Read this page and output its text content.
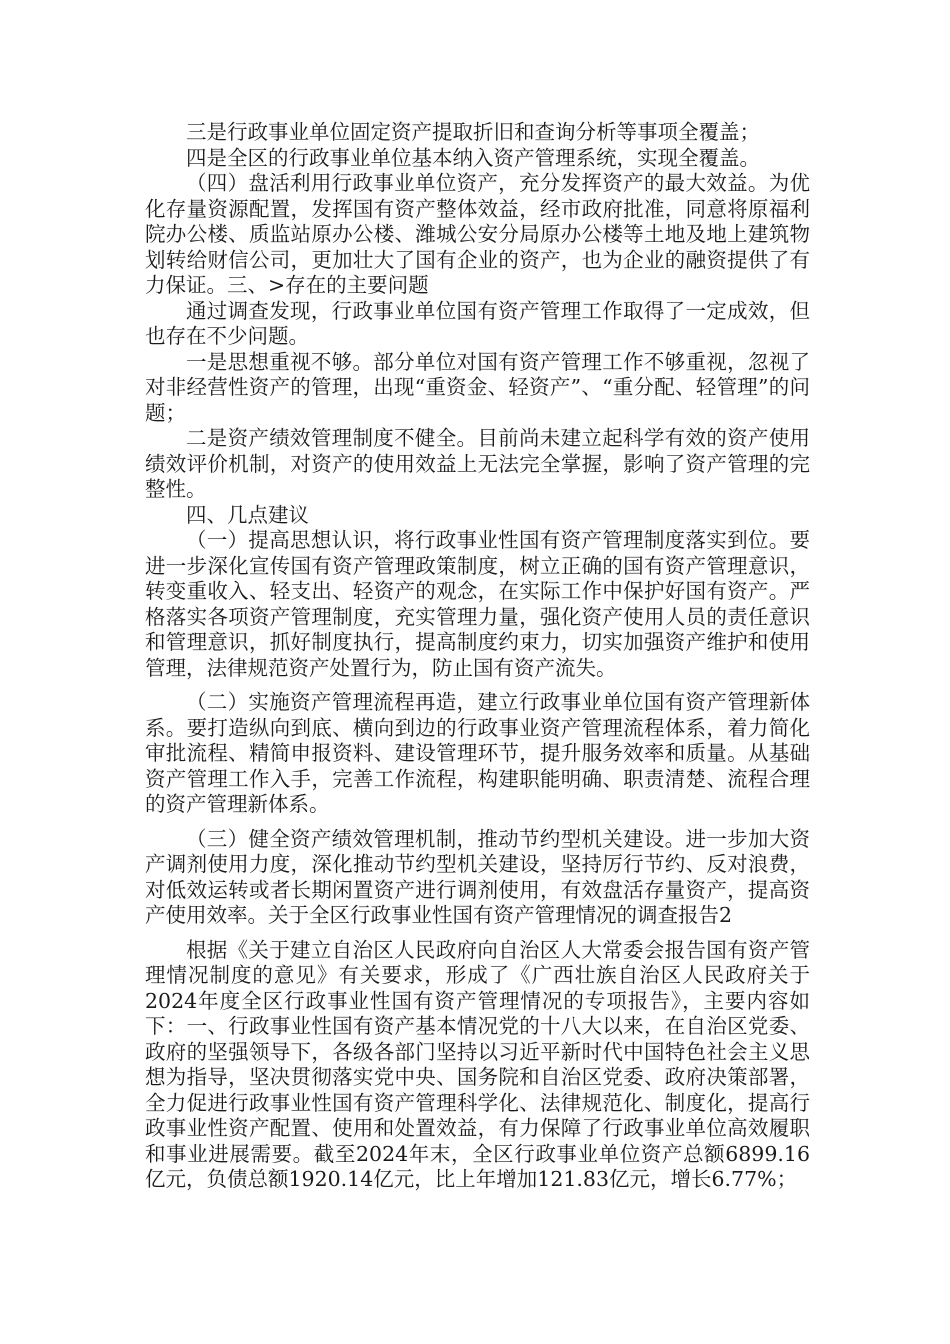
三是行政事业单位固定资产提取折旧和查询分析等事项全覆盖；

四是全区的行政事业单位基本纳入资产管理系统，实现全覆盖。

（四）盘活利用行政事业单位资产，充分发挥资产的最大效益。为优化存量资源配置，发挥国有资产整体效益，经市政府批准，同意将原福利院办公楼、质监站原办公楼、潍城公安分局原办公楼等土地及地上建筑物划转给财信公司，更加壮大了国有企业的资产，也为企业的融资提供了有力保证。三、>存在的主要问题

通过调查发现，行政事业单位国有资产管理工作取得了一定成效，但也存在不少问题。

一是思想重视不够。部分单位对国有资产管理工作不够重视，忽视了对非经营性资产的管理，出现“重资金、轻资产”、“重分配、轻管理”的问题；

二是资产绩效管理制度不健全。目前尚未建立起科学有效的资产使用绩效评价机制，对资产的使用效益上无法完全掌握，影响了资产管理的完整性。

四、几点建议

（一）提高思想认识，将行政事业性国有资产管理制度落实到位。要进一步深化宣传国有资产管理政策制度，树立正确的国有资产管理意识，转变重收入、轻支出、轻资产的观念，在实际工作中保护好国有资产。严格落实各项资产管理制度，充实管理力量，强化资产使用人员的责任意识和管理意识，抓好制度执行，提高制度约束力，切实加强资产维护和使用管理，法律规范资产处置行为，防止国有资产流失。

（二）实施资产管理流程再造，建立行政事业单位国有资产管理新体系。要打造纵向到底、横向到边的行政事业资产管理流程体系，着力简化审批流程、精简申报资料、建设管理环节，提升服务效率和质量。从基础资产管理工作入手，完善工作流程，构建职能明确、职责清楚、流程合理的资产管理新体系。

（三）健全资产绩效管理机制，推动节约型机关建设。进一步加大资产调剂使用力度，深化推动节约型机关建设，坚持厉行节约、反对浪费，对低效运转或者长期闲置资产进行调剂使用，有效盘活存量资产，提高资产使用效率。关于全区行政事业性国有资产管理情况的调查报告2

根据《关于建立自治区人民政府向自治区人大常委会报告国有资产管理情况制度的意见》有关要求，形成了《广西壮族自治区人民政府关于2024年度全区行政事业性国有资产管理情况的专项报告》，主要内容如下：一、行政事业性国有资产基本情况党的十八大以来，在自治区党委、政府的坚强领导下，各级各部门坚持以习近平新时代中国特色社会主义思想为指导，坚决贯彻落实党中央、国务院和自治区党委、政府决策部署，全力促进行政事业性国有资产管理科学化、法律规范化、制度化，提高行政事业性资产配置、使用和处置效益，有力保障了行政事业单位高效履职和事业进展需要。截至2024年末，全区行政事业单位资产总额6899.16亿元，负债总额1920.14亿元，比上年增加121.83亿元，增长6.77%；
